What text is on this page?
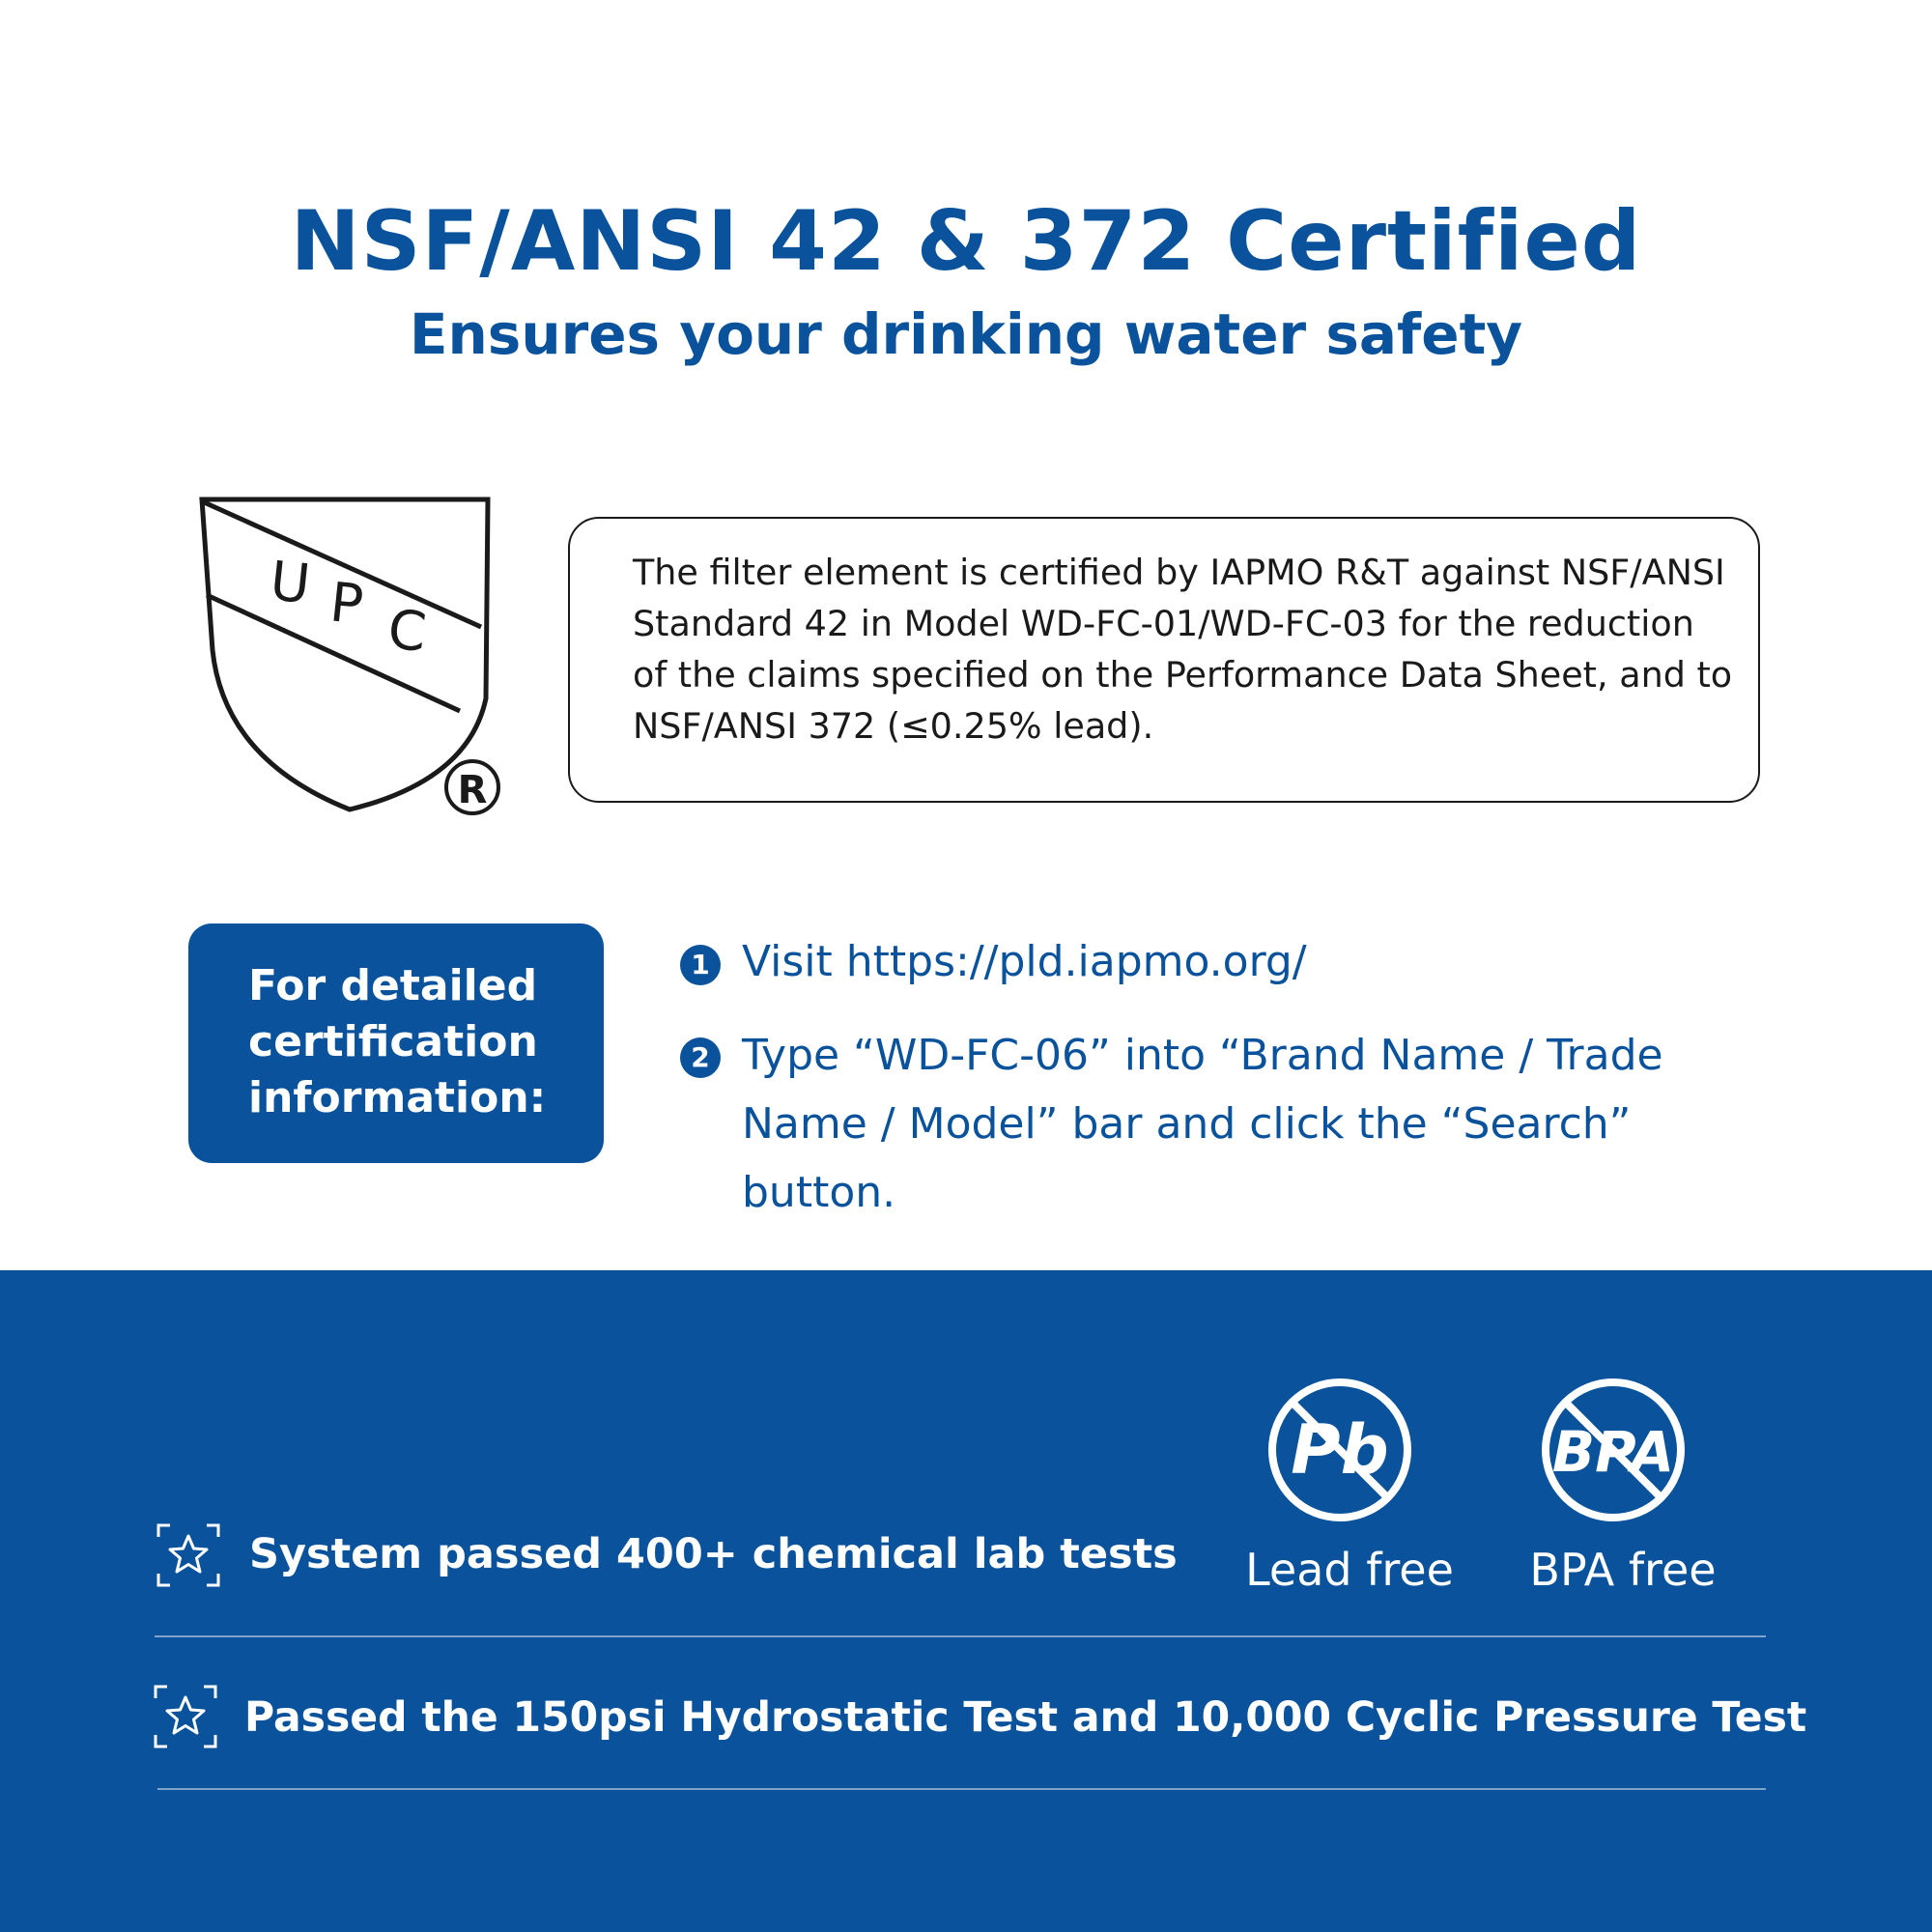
NSF/ANSI 42 & 372 Certified
Ensures your drinking water safety
U P C
R
The filter element is certified by IAPMO R&T against NSF/ANSI Standard 42 in Model WD-FC-01/WD-FC-03 for the reduction of the claims specified on the Performance Data Sheet, and to NSF/ANSI 372 (≤0.25% lead).
For detailed certification information:
1 Visit https://pld.iapmo.org/
2 Type “WD-FC-06” into “Brand Name / Trade Name / Model” bar and click the “Search” button.
System passed 400+ chemical lab tests
Pb
Lead free
BPA
BPA free
Passed the 150psi Hydrostatic Test and 10,000 Cyclic Pressure Test
